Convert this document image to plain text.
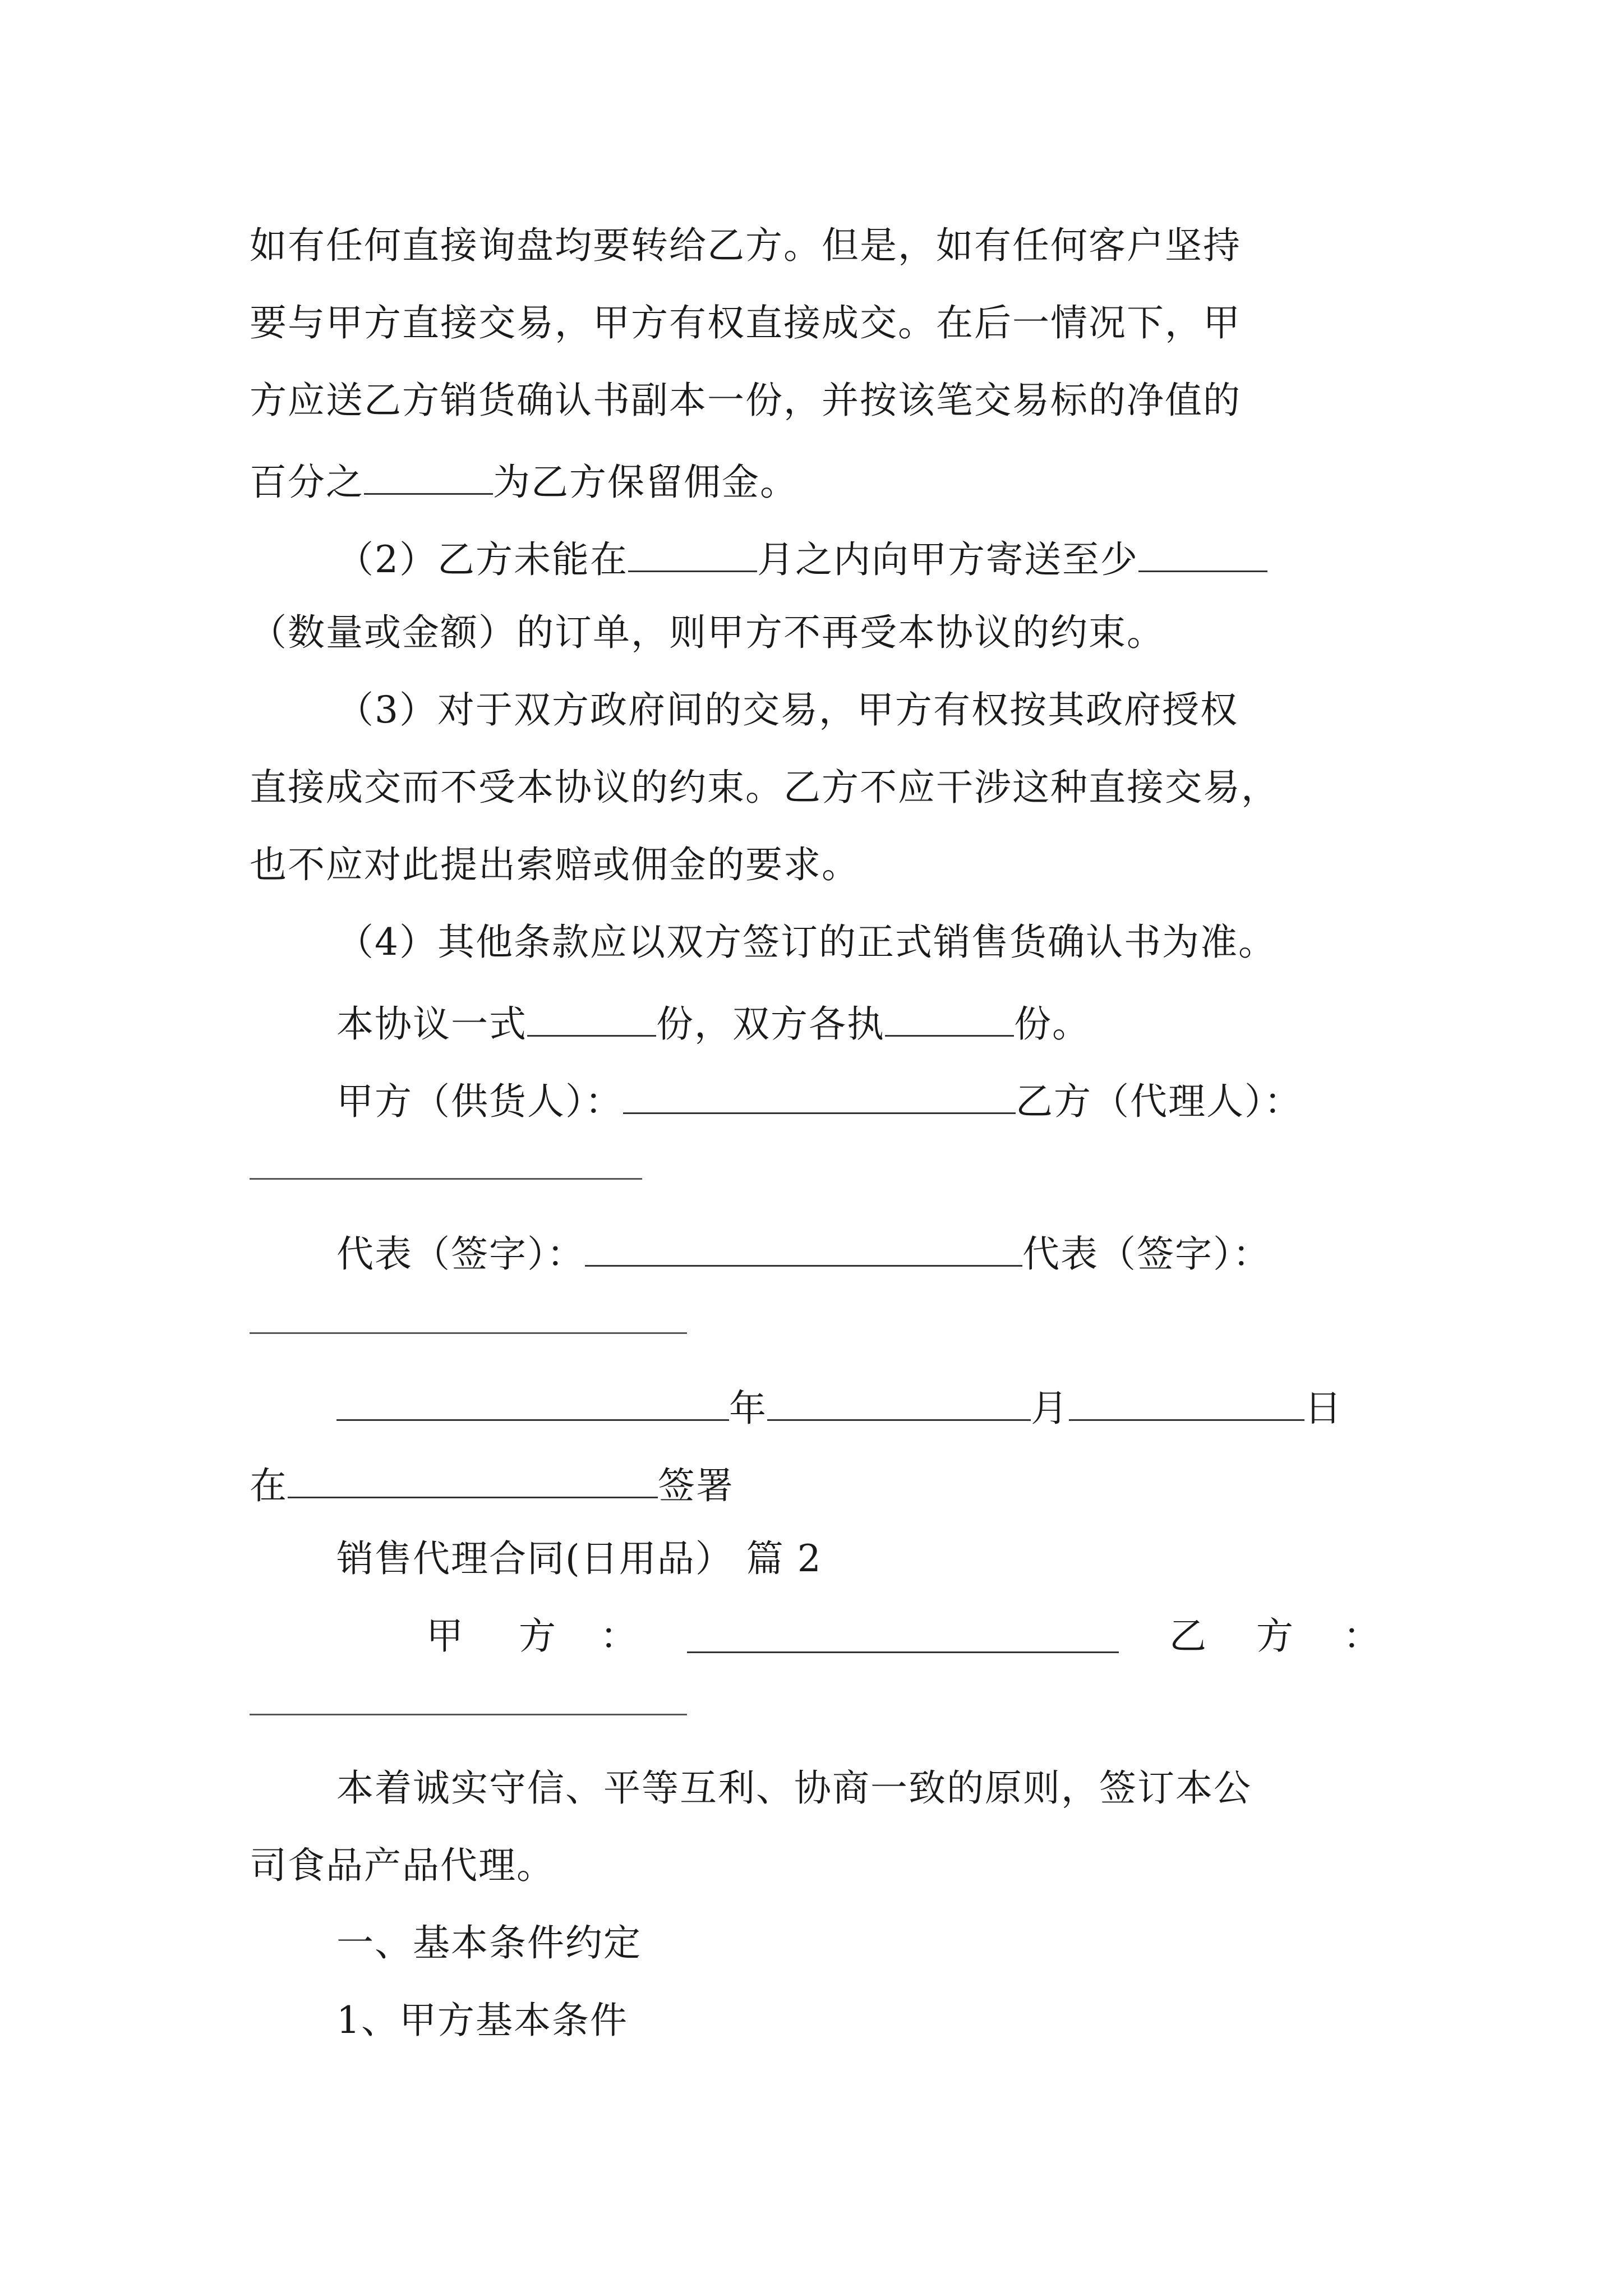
如有任何直接询盘均要转给乙方。但是，如有任何客户坚持
要与甲方直接交易，甲方有权直接成交。在后一情况下，甲
方应送乙方销货确认书副本一份，并按该笔交易标的净值的
百分之	为乙方保留佣金。
（2）乙方未能在	月之内向甲方寄送至少
（数量或金额）的订单，则甲方不再受本协议的约束。
（3）对于双方政府间的交易，甲方有权按其政府授权
直接成交而不受本协议的约束。乙方不应干涉这种直接交易，
也不应对此提出索赔或佣金的要求。
（4）其他条款应以双方签订的正式销售货确认书为准。
本协议一式	份，双方各执	份。
甲方（供货人）：	乙方（代理人）：
代表（签字）：	代表（签字）：
年	月	日
在	签署
销售代理合同(日用品） 篇 2
甲 方 ：	乙 方 ：
本着诚实守信、平等互利、协商一致的原则，签订本公
司食品产品代理。
一、基本条件约定
1、甲方基本条件
